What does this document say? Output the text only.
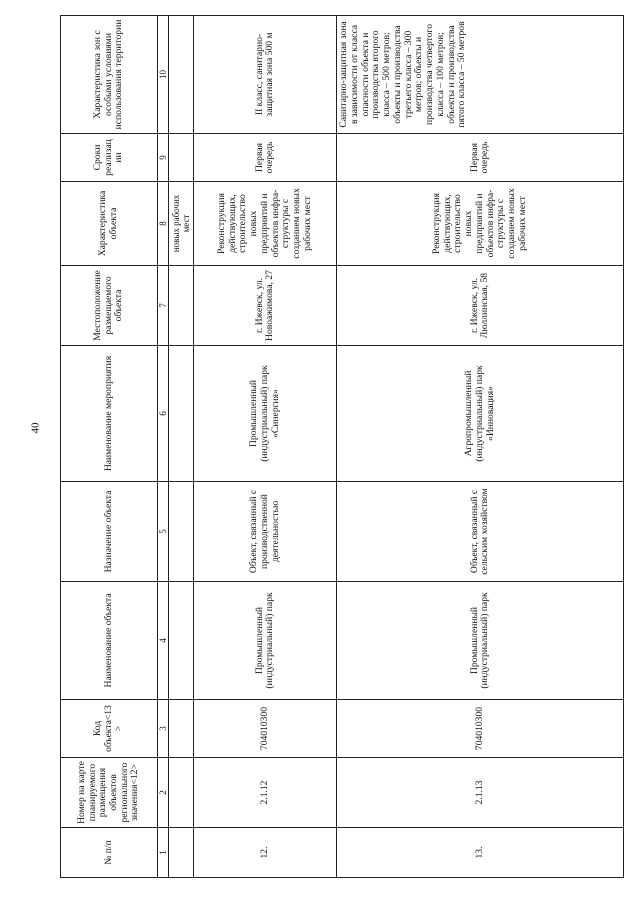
40
№ п/п	Номер на карте планируемого размещения объектов регионального значения<12>	Код объекта<13>	Наименование объекта	Назначение объекта	Наименование мероприятия	Местоположение размещаемого объекта	Характеристика объекта	Сроки реализации	Характеристика зон с особыми условиями использования территории
1	2	3	4	5	6	7	8	9	10
							новых рабочих мест		
12.	2.1.12	704010300	Промышленный (индустриальный) парк	Объект, связанный с производственной деятельностью	Промышленный (индустриальный) парк «Синергия»	г. Ижевск, ул. Новоажимова, 27	Реконструкция действующих, строительство новых предприятий и объектов инфра-структуры с созданием новых рабочих мест	Первая очередь	II класс, санитарно-защитная зона 500 м
13.	2.1.13	704010300	Промышленный (индустриальный) парк	Объект, связанный с сельским хозяйством	Агропромышленный (индустриальный) парк «Инновация»	г. Ижевск, ул. Люллинская, 58	Реконструкция действующих, строительство новых предприятий и объектов инфра-структуры с созданием новых рабочих мест	Первая очередь	Санитарно-защитная зона в зависимости от класса опасности объекта и производства второго класса – 500 метров; объекты и производства третьего класса – 300 метров; объекты и производства четвертого класса – 100 метров; объекты и производства пятого класса – 50 метров
